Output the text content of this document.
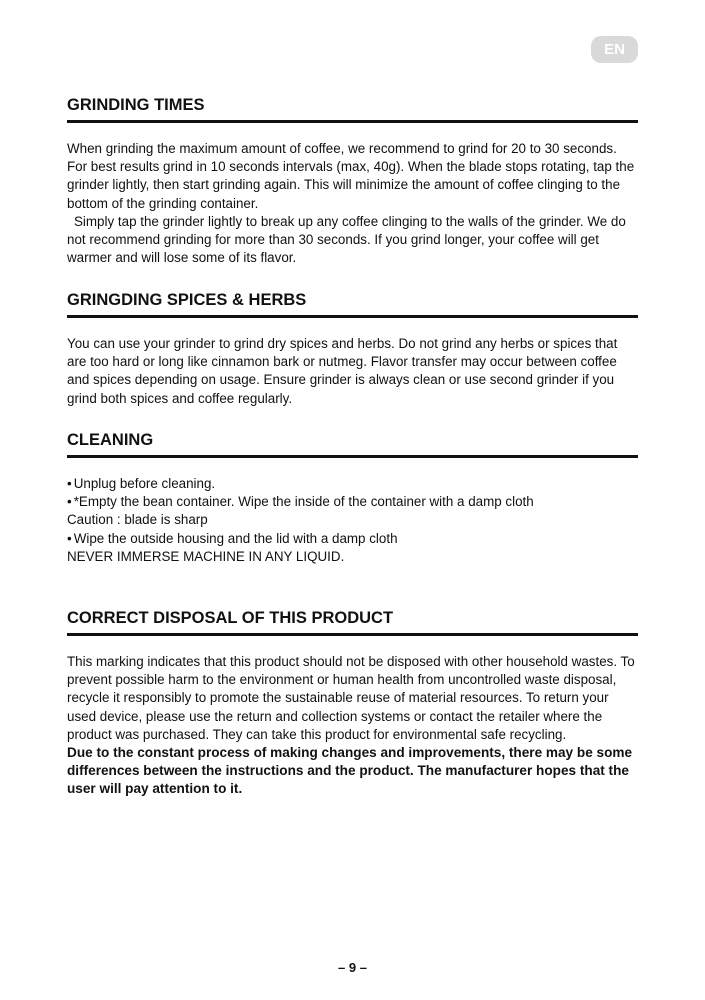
EN
GRINDING TIMES

When grinding the maximum amount of coffee, we recommend to grind for 20 to 30 seconds. For best results grind in 10 seconds intervals (max, 40g). When the blade stops rotating, tap the grinder lightly, then start grinding again. This will minimize the amount of coffee clinging to the bottom of the grinding container.

Simply tap the grinder lightly to break up any coffee clinging to the walls of the grinder. We do not recommend grinding for more than 30 seconds. If you grind longer, your coffee will get warmer and will lose some of its flavor.

GRINGDING SPICES & HERBS

You can use your grinder to grind dry spices and herbs. Do not grind any herbs or spices that are too hard or long like cinnamon bark or nutmeg. Flavor transfer may occur between coffee and spices depending on usage. Ensure grinder is always clean or use second grinder if you grind both spices and coffee regularly.

CLEANING

• Unplug before cleaning.

• *Empty the bean container. Wipe the inside of the container with a damp cloth

Caution : blade is sharp

• Wipe the outside housing and the lid with a damp cloth

NEVER IMMERSE MACHINE IN ANY LIQUID.

CORRECT DISPOSAL OF THIS PRODUCT

This marking indicates that this product should not be disposed with other household wastes. To prevent possible harm to the environment or human health from uncontrolled waste disposal, recycle it responsibly to promote the sustainable reuse of material resources. To return your used device, please use the return and collection systems or contact the retailer where the product was purchased. They can take this product for environmental safe recycling.

Due to the constant process of making changes and improvements, there may be some differences between the instructions and the product. The manufacturer hopes that the user will pay attention to it.

– 9 –
